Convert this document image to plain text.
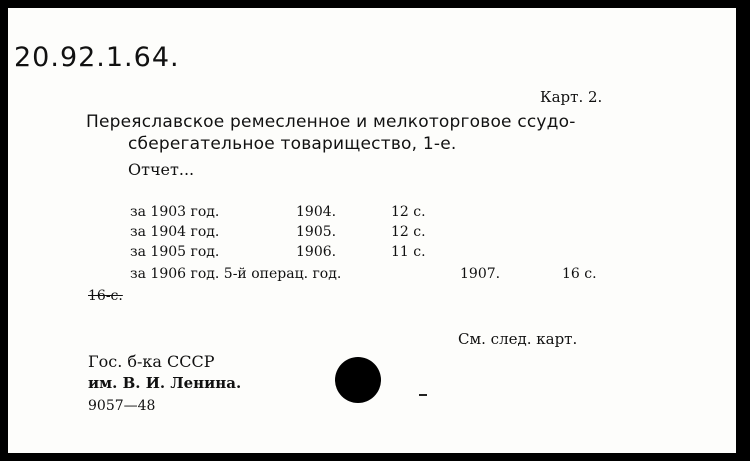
20.92.1.64.
Карт. 2.
Переяславское ремесленное и мелкоторговое ссудо-
сберегательное товарищество, 1-е.
Отчет...
за 1903 год.	1904.	12 с.
за 1904 год.	1905.	12 с.
за 1905 год.	1906.	11 с.
за 1906 год. 5-й операц. год.	1907.	16 с.
16-с.
См. след. карт.
Гос. б-ка СССР
им. В. И. Ленина.
9057—48
